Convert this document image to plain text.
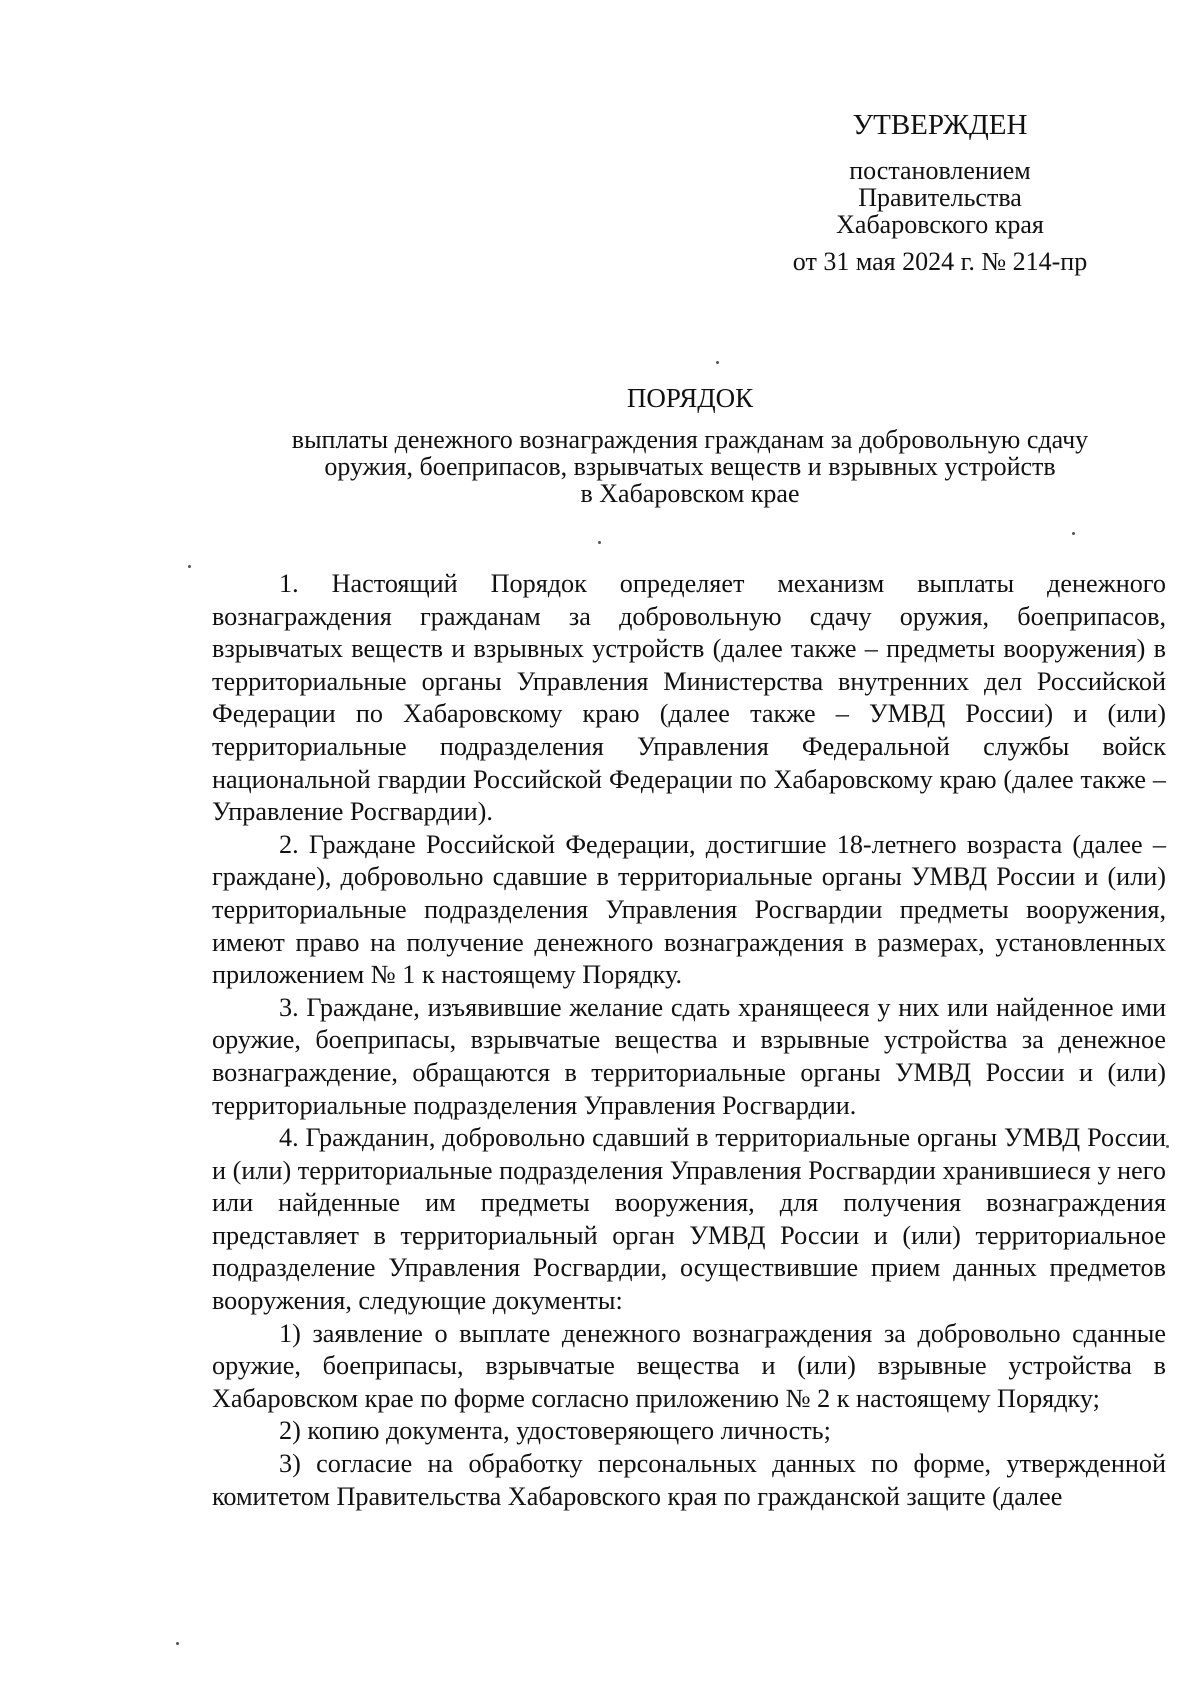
УТВЕРЖДЕН
постановлением
Правительства
Хабаровского края
от 31 мая 2024 г. № 214-пр
ПОРЯДОК
выплаты денежного вознаграждения гражданам за добровольную сдачу
оружия, боеприпасов, взрывчатых веществ и взрывных устройств
в Хабаровском крае

1. Настоящий Порядок определяет механизм выплаты денежного вознаграждения гражданам за добровольную сдачу оружия, боеприпасов, взрывчатых веществ и взрывных устройств (далее также – предметы вооружения) в территориальные органы Управления Министерства внутренних дел Российской Федерации по Хабаровскому краю (далее также – УМВД России) и (или) территориальные подразделения Управления Федеральной службы войск национальной гвардии Российской Федерации по Хабаровскому краю (далее также – Управление Росгвардии).

2. Граждане Российской Федерации, достигшие 18-летнего возраста (далее – граждане), добровольно сдавшие в территориальные органы УМВД России и (или) территориальные подразделения Управления Росгвардии предметы вооружения, имеют право на получение денежного вознаграждения в размерах, установленных приложением № 1 к настоящему Порядку.

3. Граждане, изъявившие желание сдать хранящееся у них или найденное ими оружие, боеприпасы, взрывчатые вещества и взрывные устройства за денежное вознаграждение, обращаются в территориальные органы УМВД России и (или) территориальные подразделения Управления Росгвардии.

4. Гражданин, добровольно сдавший в территориальные органы УМВД России и (или) территориальные подразделения Управления Росгвардии хранившиеся у него или найденные им предметы вооружения, для получения вознаграждения представляет в территориальный орган УМВД России и (или) территориальное подразделение Управления Росгвардии, осуществившие прием данных предметов вооружения, следующие документы:

1) заявление о выплате денежного вознаграждения за добровольно сданные оружие, боеприпасы, взрывчатые вещества и (или) взрывные устройства в Хабаровском крае по форме согласно приложению № 2 к настоящему Порядку;

2) копию документа, удостоверяющего личность;

3) согласие на обработку персональных данных по форме, утвержденной комитетом Правительства Хабаровского края по гражданской защите (далее
